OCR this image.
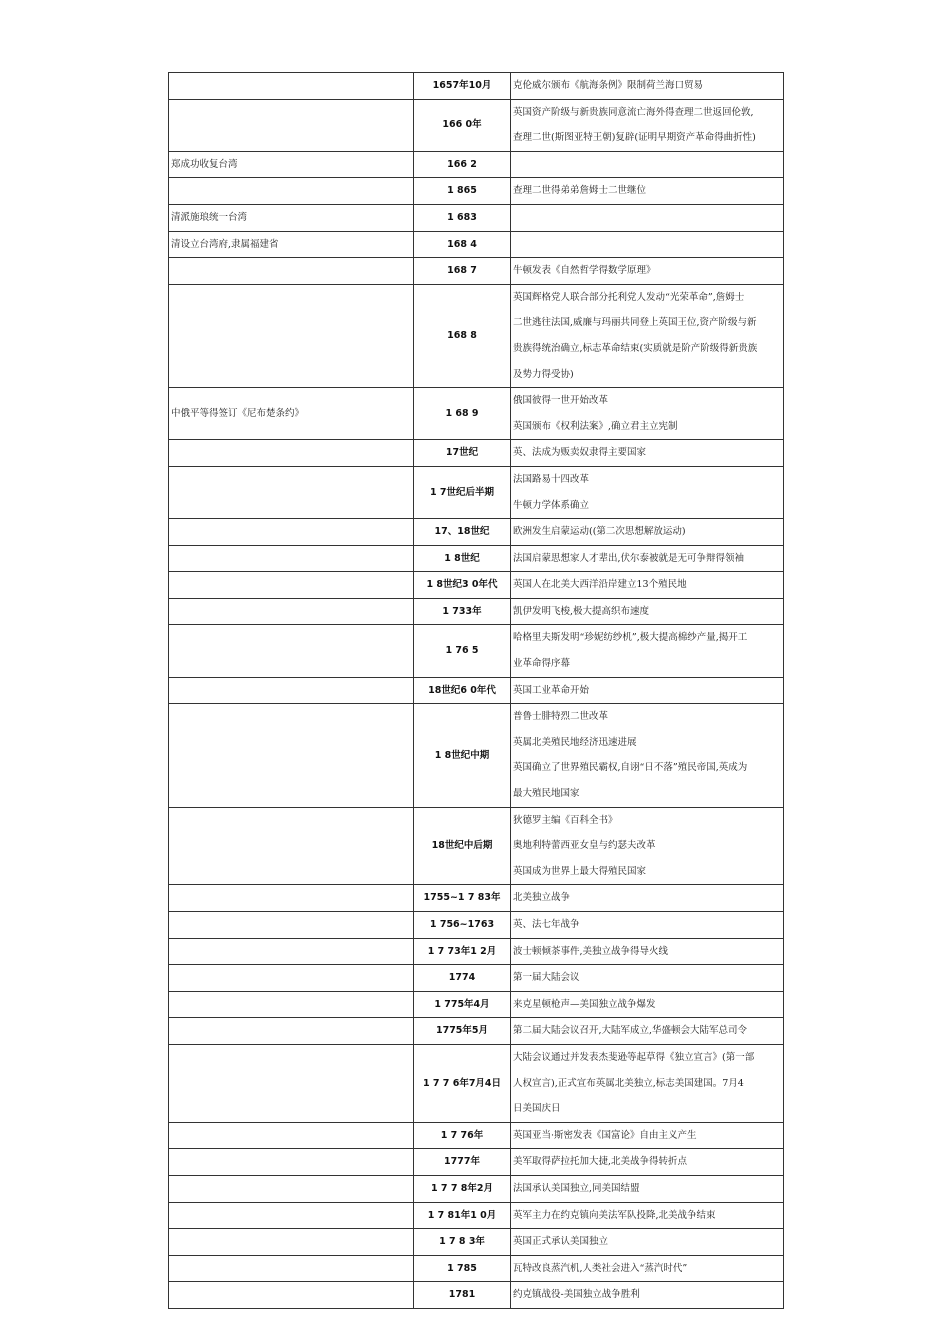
	1657年10月	克伦威尔颁布《航海条例》限制荷兰海口贸易

	166 0年	英国资产阶级与新贵族同意流亡海外得查理二世返回伦敦,
查理二世(斯图亚特王朝)复辟(证明早期资产革命得曲折性)

郑成功收复台湾	166 2	

	1 865	查理二世得弟弟詹姆士二世继位

清派施琅统一台湾	1 683	

清设立台湾府,隶属福建省	168 4	

	168 7	牛顿发表《自然哲学得数学原理》

	168 8	英国辉格党人联合部分托利党人发动“光荣革命”,詹姆士
二世逃往法国,威廉与玛丽共同登上英国王位,资产阶级与新
贵族得统治确立,标志革命结束(实质就是阶产阶级得新贵族
及势力得受协)

中俄平等得签订《尼布楚条约》	1 68 9	俄国彼得一世开始改革
英国颁布《权利法案》,确立君主立宪制

	17世纪	英、法成为贩卖奴隶得主要国家

	1 7世纪后半期	法国路易十四改革
牛顿力学体系确立

	17、18世纪	欧洲发生启蒙运动((第二次思想解放运动)

	1 8世纪	法国启蒙思想家人才辈出,伏尔泰被就是无可争辩得领袖

	1 8世纪3 0年代	英国人在北美大西洋沿岸建立13个殖民地

	1 733年	凯伊发明飞梭,极大提高织布速度

	1 76 5	哈格里夫斯发明“珍妮纺纱机”,极大提高棉纱产量,揭开工
业革命得序幕

	18世纪6 0年代	英国工业革命开始

	1 8世纪中期	普鲁士腓特烈二世改革
英属北美殖民地经济迅速进展
英国确立了世界殖民霸权,自诩“日不落”殖民帝国,英成为
最大殖民地国家

	18世纪中后期	狄德罗主编《百科全书》
奥地利特蕾西亚女皇与约瑟夫改革
英国成为世界上最大得殖民国家

	1755~1 7 83年	北美独立战争

	1 756~1763	英、法七年战争

	1 7 73年1 2月	波士顿倾茶事件,美独立战争得导火线

	1774	第一届大陆会议

	1 775年4月	来克星顿枪声—美国独立战争爆发

	1775年5月	第二届大陆会议召开,大陆军成立,华盛顿会大陆军总司令

	1 7 7 6年7月4日	大陆会议通过并发表杰斐逊等起草得《独立宣言》(第一部
人权宣言),正式宣布英属北美独立,标志美国建国。7月4
日美国庆日

	1 7 76年	英国亚当·斯密发表《国富论》自由主义产生

	1777年	美军取得萨拉托加大捷,北美战争得转折点

	1 7 7 8年2月	法国承认美国独立,同美国结盟

	1 7 81年1 0月	英军主力在约克镇向美法军队投降,北美战争结束

	1 7 8 3年	英国正式承认美国独立

	1 785	瓦特改良蒸汽机,人类社会进入“蒸汽时代”

	1781	约克镇战役-美国独立战争胜利
